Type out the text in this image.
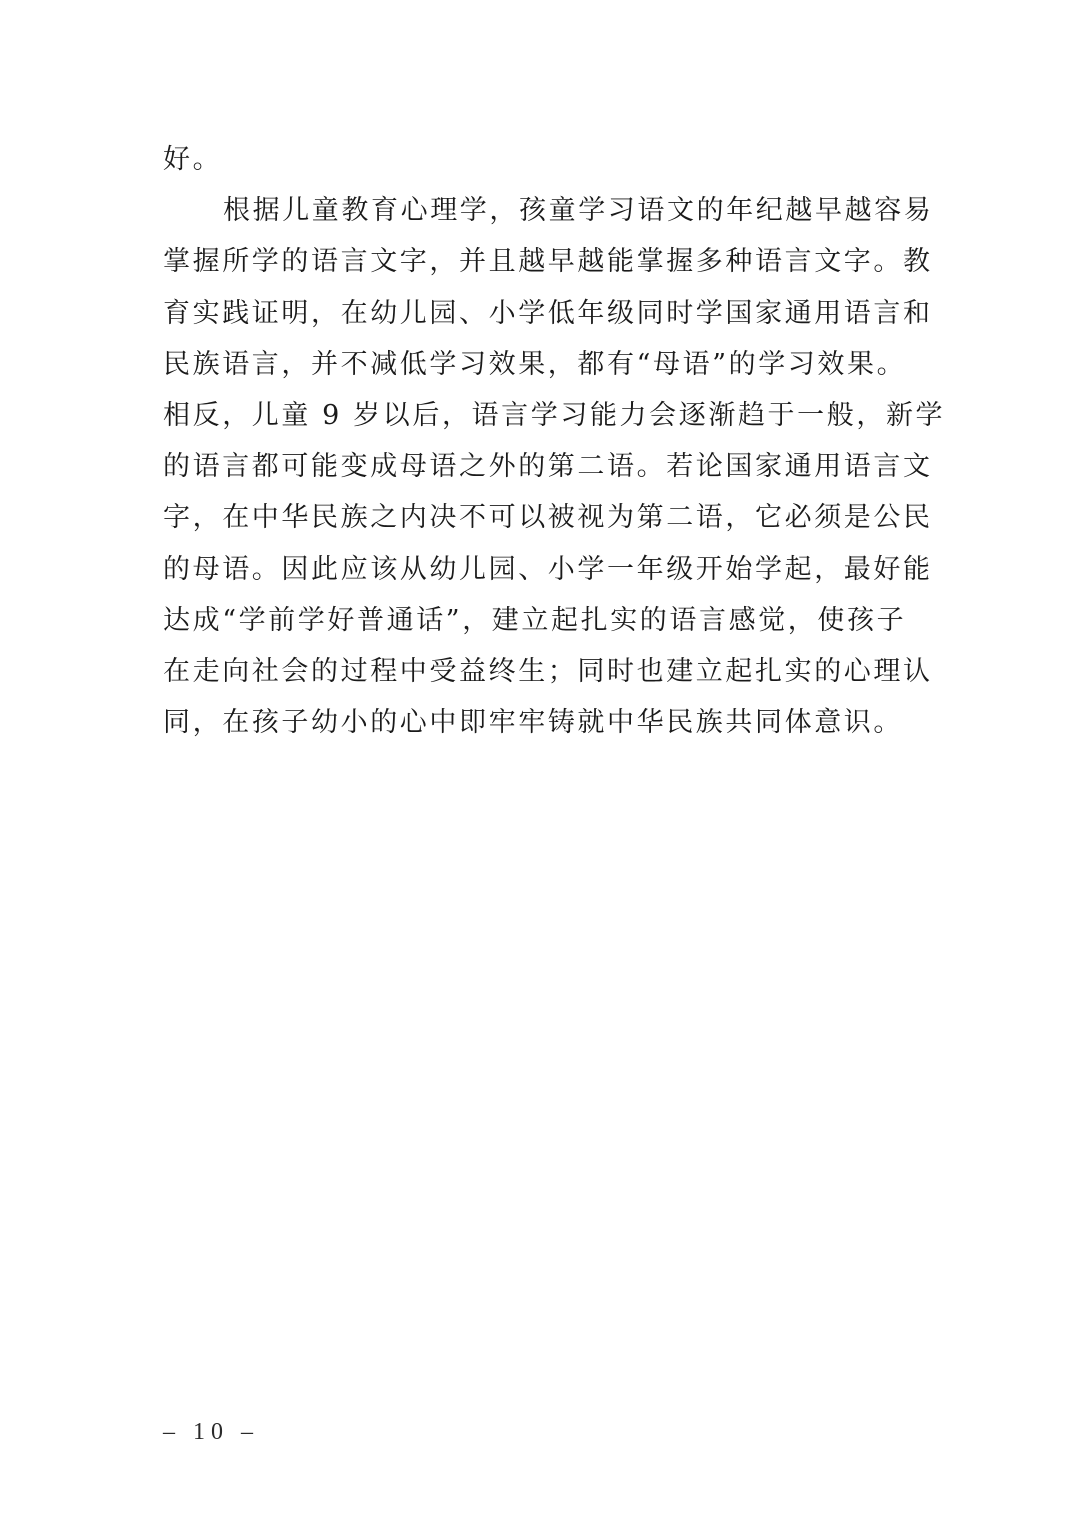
好。
根据儿童教育心理学，孩童学习语文的年纪越早越容易
掌握所学的语言文字，并且越早越能掌握多种语言文字。教
育实践证明，在幼儿园、小学低年级同时学国家通用语言和
民族语言，并不减低学习效果，都有“母语”的学习效果。
相反，儿童 9 岁以后，语言学习能力会逐渐趋于一般，新学
的语言都可能变成母语之外的第二语。若论国家通用语言文
字，在中华民族之内决不可以被视为第二语，它必须是公民
的母语。因此应该从幼儿园、小学一年级开始学起，最好能
达成“学前学好普通话”，建立起扎实的语言感觉，使孩子
在走向社会的过程中受益终生；同时也建立起扎实的心理认
同，在孩子幼小的心中即牢牢铸就中华民族共同体意识。
– 10 –
